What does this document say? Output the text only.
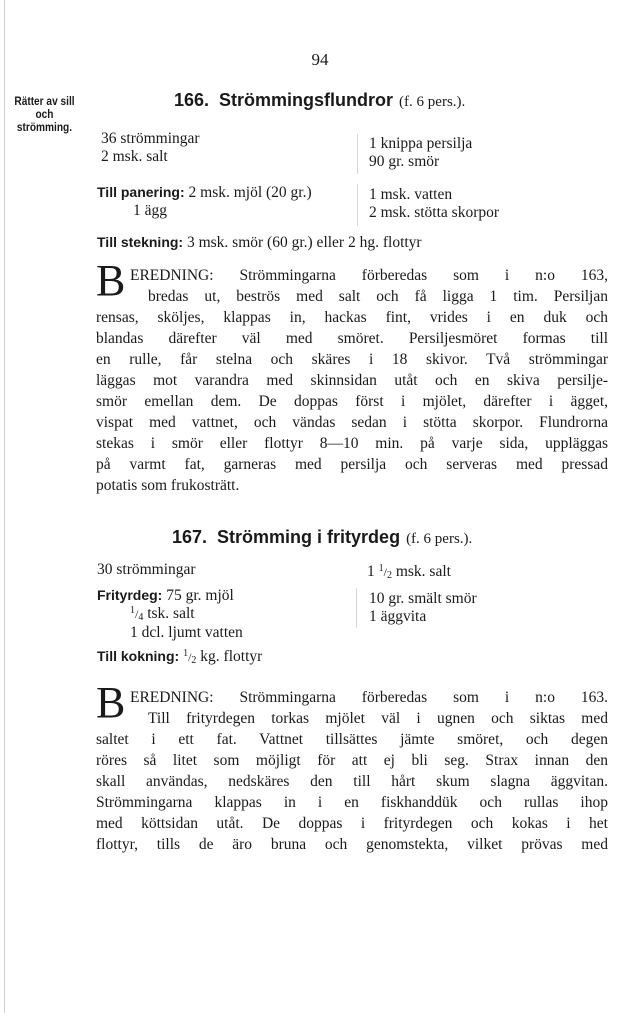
94
Rätter av sill
och
strömming.
166. Strömmingsflundror (f. 6 pers.).
36 strömmingar
2 msk. salt
1 knippa persilja
90 gr. smör
Till panering: 2 msk. mjöl (20 gr.)
1 ägg
1 msk. vatten
2 msk. stötta skorpor
Till stekning: 3 msk. smör (60 gr.) eller 2 hg. flottyr
B EREDNING: Strömmingarna förberedas som i n:o 163,
bredas ut, beströs med salt och få ligga 1 tim. Persiljan
rensas, sköljes, klappas in, hackas fint, vrides i en duk och
blandas därefter väl med smöret. Persiljesmöret formas till
en rulle, får stelna och skäres i 18 skivor. Två strömmingar
läggas mot varandra med skinnsidan utåt och en skiva persilje-
smör emellan dem. De doppas först i mjölet, därefter i ägget,
vispat med vattnet, och vändas sedan i stötta skorpor. Flundrorna
stekas i smör eller flottyr 8—10 min. på varje sida, uppläggas
på varmt fat, garneras med persilja och serveras med pressad
potatis som frukosträtt.
167. Strömming i frityrdeg (f. 6 pers.).
30 strömmingar	1 $^1/_2$ msk. salt
Frityrdeg: 75 gr. mjöl
$^1/_4$ tsk. salt
1 dcl. ljumt vatten
10 gr. smält smör
1 äggvita
Till kokning: $^1/_2$ kg. flottyr
B EREDNING: Strömmingarna förberedas som i n:o 163.
Till frityrdegen torkas mjölet väl i ugnen och siktas med
saltet i ett fat. Vattnet tillsättes jämte smöret, och degen
röres så litet som möjligt för att ej bli seg. Strax innan den
skall användas, nedskäres den till hårt skum slagna äggvitan.
Strömmingarna klappas in i en fiskhanddük och rullas ihop
med köttsidan utåt. De doppas i frityrdegen och kokas i het
flottyr, tills de äro bruna och genomstekta, vilket prövas med
